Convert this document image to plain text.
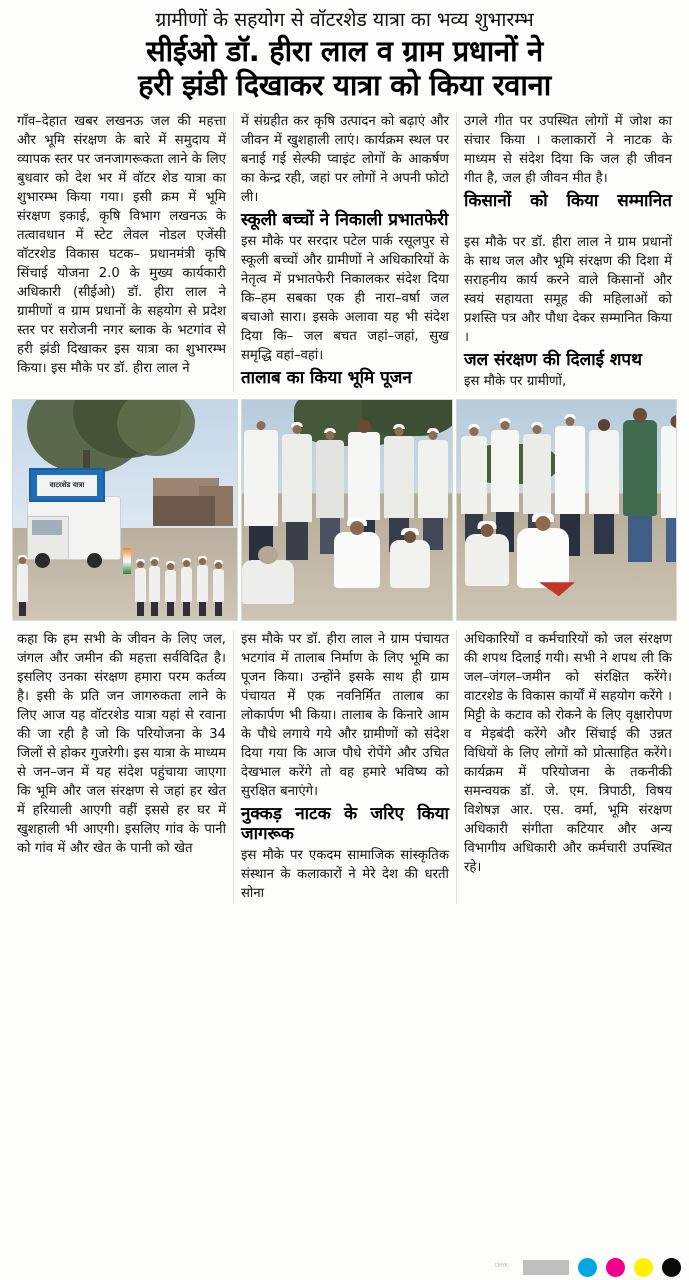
ग्रामीणों के सहयोग से वॉटरशेड यात्रा का भव्य शुभारम्भ
सीईओ डॉ. हीरा लाल व ग्राम प्रधानों ने
हरी झंडी दिखाकर यात्रा को किया रवाना

गाँव–देहात खबर लखनऊ जल की महत्ता और भूमि संरक्षण के बारे में समुदाय में व्यापक स्तर पर जनजागरूकता लाने के लिए बुधवार को देश भर में वॉटर शेड यात्रा का शुभारम्भ किया गया। इसी क्रम में भूमि संरक्षण इकाई, कृषि विभाग लखनऊ के तत्वावधान में स्टेट लेवल नोडल एजेंसी वॉटरशेड विकास घटक– प्रधानमंत्री कृषि सिंचाई योजना 2.0 के मुख्य कार्यकारी अधिकारी (सीईओ) डॉ. हीरा लाल ने ग्रामीणों व ग्राम प्रधानों के सहयोग से प्रदेश स्तर पर सरोजनी नगर ब्लाक के भटगांव से हरी झंडी दिखाकर इस यात्रा का शुभारम्भ किया। इस मौके पर डॉ. हीरा लाल ने

में संग्रहीत कर कृषि उत्पादन को बढ़ाएं और जीवन में खुशहाली लाएं। कार्यक्रम स्थल पर बनाई गई सेल्फी प्वाइंट लोगों के आकर्षण का केन्द्र रही, जहां पर लोगों ने अपनी फोटो ली।

स्कूली बच्चों ने निकाली प्रभातफेरी

इस मौके पर सरदार पटेल पार्क रसूलपुर से स्कूली बच्चों और ग्रामीणों ने अधिकारियों के नेतृत्व में प्रभातफेरी निकालकर संदेश दिया कि–हम सबका एक ही नारा–वर्षा जल बचाओ सारा। इसके अलावा यह भी संदेश दिया कि– जल बचत जहां–जहां, सुख समृद्धि वहां–वहां।

तालाब का किया भूमि पूजन

उगले गीत पर उपस्थित लोगों में जोश का संचार किया । कलाकारों ने नाटक के माध्यम से संदेश दिया कि जल ही जीवन गीत है, जल ही जीवन मीत है।

किसानों को किया सम्मानित

इस मौके पर डॉ. हीरा लाल ने ग्राम प्रधानों के साथ जल और भूमि संरक्षण की दिशा में सराहनीय कार्य करने वाले किसानों और स्वयं सहायता समूह की महिलाओं को प्रशस्ति पत्र और पौधा देकर सम्मानित किया ।

जल संरक्षण की दिलाई शपथ

इस मौके पर ग्रामीणों,

वाटरशेड यात्रा

कहा कि हम सभी के जीवन के लिए जल, जंगल और जमीन की महत्ता सर्वविदित है। इसलिए उनका संरक्षण हमारा परम कर्तव्य है। इसी के प्रति जन जागरुकता लाने के लिए आज यह वॉटरशेड यात्रा यहां से रवाना की जा रही है जो कि परियोजना के 34 जिलों से होकर गुजरेगी। इस यात्रा के माध्यम से जन–जन में यह संदेश पहुंचाया जाएगा कि भूमि और जल संरक्षण से जहां हर खेत में हरियाली आएगी वहीं इससे हर घर में खुशहाली भी आएगी। इसलिए गांव के पानी को गांव में और खेत के पानी को खेत

इस मौके पर डॉ. हीरा लाल ने ग्राम पंचायत भटगांव में तालाब निर्माण के लिए भूमि का पूजन किया। उन्होंने इसके साथ ही ग्राम पंचायत में एक नवनिर्मित तालाब का लोकार्पण भी किया। तालाब के किनारे आम के पौधे लगाये गये और ग्रामीणों को संदेश दिया गया कि आज पौधे रोपेंगे और उचित देखभाल करेंगे तो वह हमारे भविष्य को सुरक्षित बनाएंगे।

नुक्कड़ नाटक के जरिए किया जागरूक

इस मौके पर एकदम सामाजिक सांस्कृतिक संस्थान के कलाकारों ने मेरे देश की धरती सोना

अधिकारियों व कर्मचारियों को जल संरक्षण की शपथ दिलाई गयी। सभी ने शपथ ली कि जल–जंगल–जमीन को संरक्षित करेंगे। वाटरशेड के विकास कार्यों में सहयोग करेंगे । मिट्टी के कटाव को रोकने के लिए वृक्षारोपण व मेड़बंदी करेंगे और सिंचाई की उन्नत विधियों के लिए लोगों को प्रोत्साहित करेंगे। कार्यक्रम में परियोजना के तकनीकी समन्वयक डॉ. जे. एम. त्रिपाठी, विषय विशेषज्ञ आर. एस. वर्मा, भूमि संरक्षण अधिकारी संगीता कटियार और अन्य विभागीय अधिकारी और कर्मचारी उपस्थित रहे।

CMYK
